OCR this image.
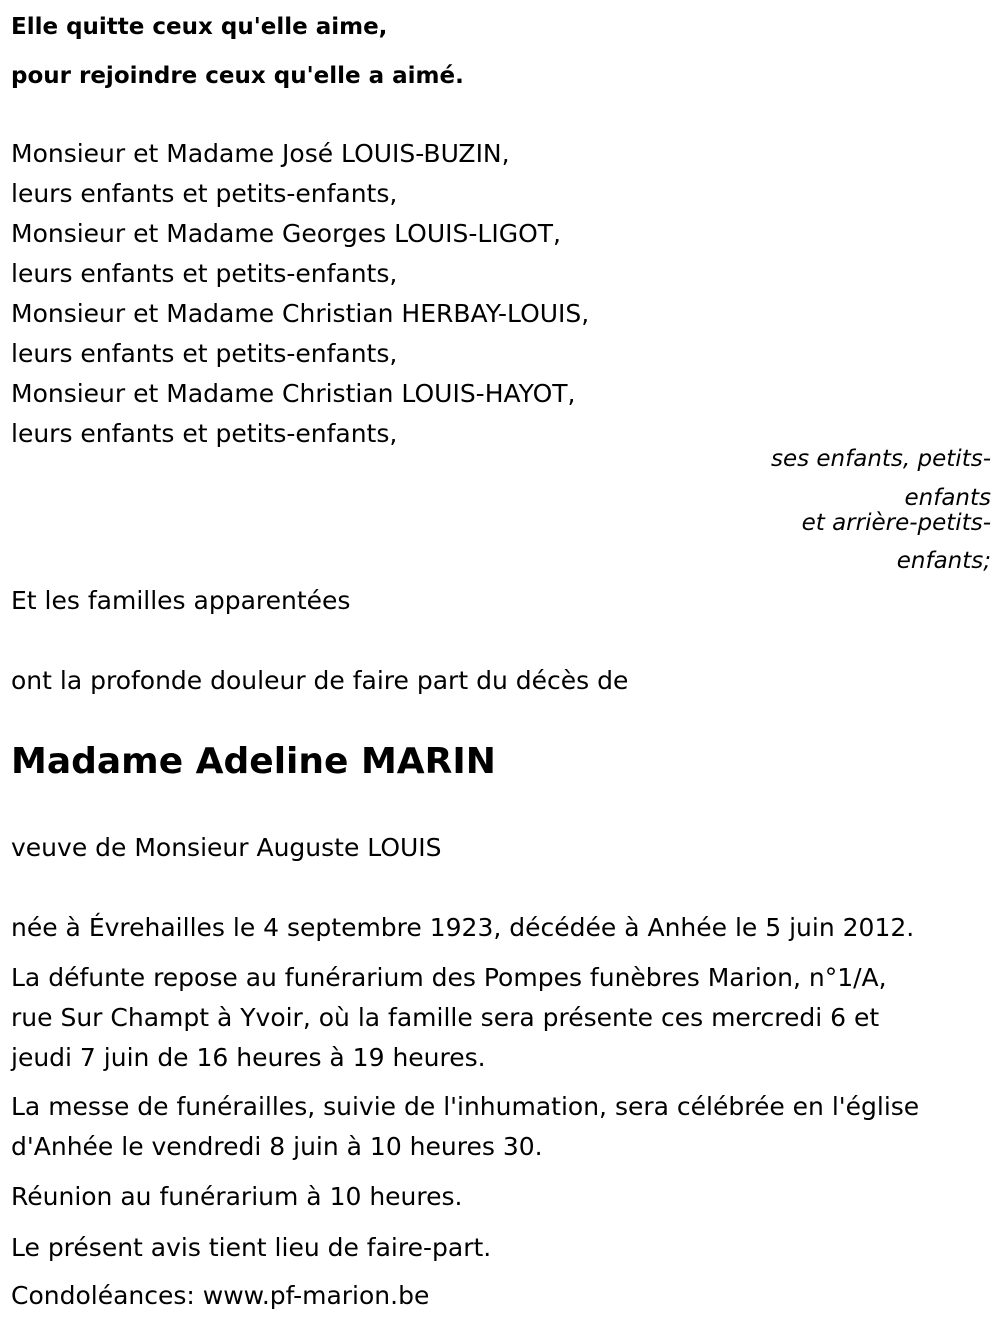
Elle quitte ceux qu'elle aime,

pour rejoindre ceux qu'elle a aimé.

Monsieur et Madame José LOUIS-BUZIN,

leurs enfants et petits-enfants,

Monsieur et Madame Georges LOUIS-LIGOT,

leurs enfants et petits-enfants,

Monsieur et Madame Christian HERBAY-LOUIS,

leurs enfants et petits-enfants,

Monsieur et Madame Christian LOUIS-HAYOT,

leurs enfants et petits-enfants,

ses enfants, petits-

enfants

et arrière-petits-

enfants;

Et les familles apparentées

ont la profonde douleur de faire part du décès de

Madame Adeline MARIN

veuve de Monsieur Auguste LOUIS

née à Évrehailles le 4 septembre 1923, décédée à Anhée le 5 juin 2012.

La défunte repose au funérarium des Pompes funèbres Marion, n°1/A,

rue Sur Champt à Yvoir, où la famille sera présente ces mercredi 6 et

jeudi 7 juin de 16 heures à 19 heures.

La messe de funérailles, suivie de l'inhumation, sera célébrée en l'église

d'Anhée le vendredi 8 juin à 10 heures 30.

Réunion au funérarium à 10 heures.

Le présent avis tient lieu de faire-part.

Condoléances: www.pf-marion.be
